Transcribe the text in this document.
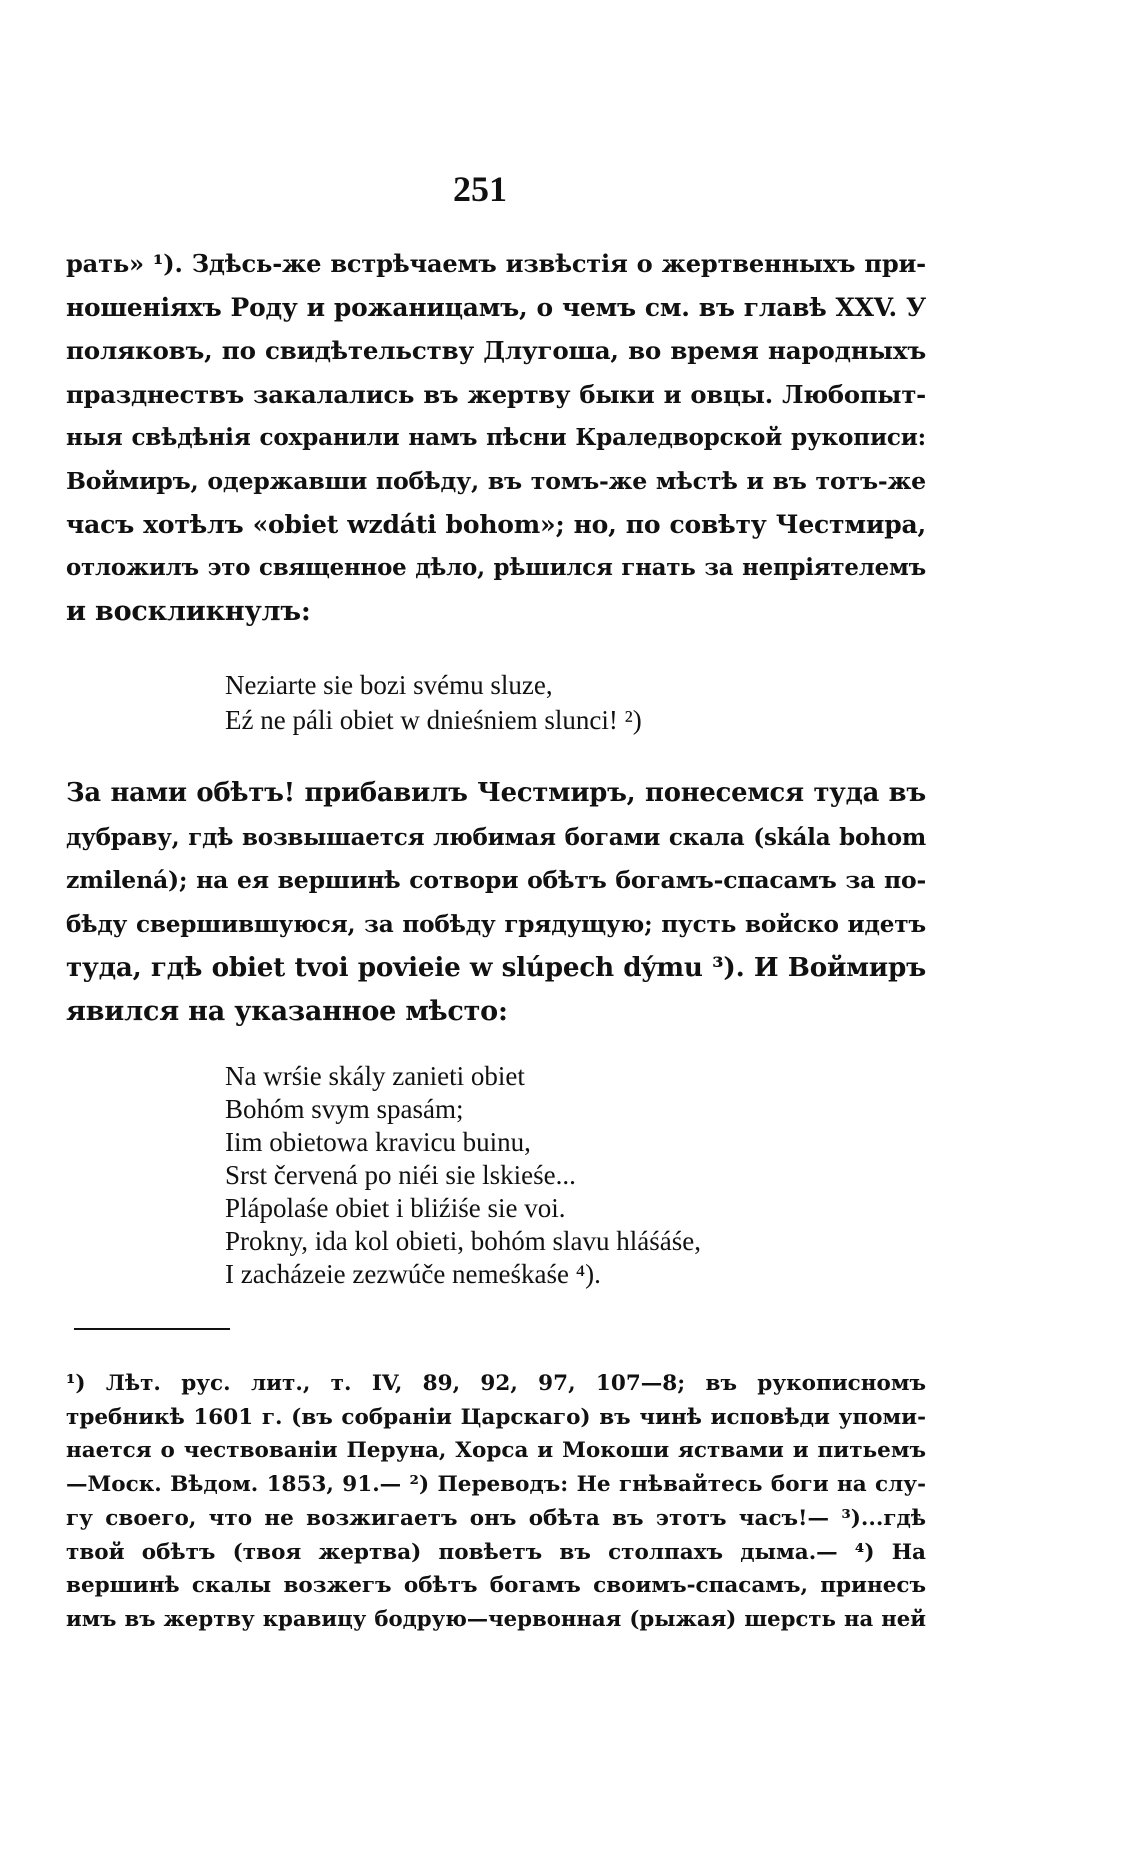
251
рать» ¹). Здѣсь-же встрѣчаемъ извѣстія о жертвенныхъ при-
ношеніяхъ Роду и рожаницамъ, о чемъ см. въ главѣ XXV. У
поляковъ, по свидѣтельству Длугоша, во время народныхъ
празднествъ закалались въ жертву быки и овцы. Любопыт-
ныя свѣдѣнія сохранили намъ пѣсни Краледворской рукописи:
Воймиръ, одержавши побѣду, въ томъ-же мѣстѣ и въ тотъ-же
часъ хотѣлъ «obiet wzdáti bohom»; но, по совѣту Честмира,
отложилъ это священное дѣло, рѣшился гнать за непріятелемъ
и воскликнулъ:
Neziarte sie bozi svému sluze,
Eź ne páli obiet w dnieśniem slunci! ²)
За нами обѣтъ! прибавилъ Честмиръ, понесемся туда въ
дубраву, гдѣ возвышается любимая богами скала (skála bohom
zmilená); на ея вершинѣ сотвори обѣтъ богамъ-спасамъ за по-
бѣду свершившуюся, за побѣду грядущую; пусть войско идетъ
туда, гдѣ obiet tvoi povieie w slúpech dýmu ³). И Воймиръ
явился на указанное мѣсто:
Na wrśie skály zanieti obiet
Bohóm svym spasám;
Iim obietowa kravicu buinu,
Srst červená po niéi sie lskieśe...
Plápolaśe obiet i bliźiśe sie voi.
Prokny, ida kol obieti, bohóm slavu hláśáśe,
I zacházeie zezwúče nemeśkaśe ⁴).
¹) Лѣт. рус. лит., т. IV, 89, 92, 97, 107—8; въ рукописномъ
требникѣ 1601 г. (въ собраніи Царскаго) въ чинѣ исповѣди упоми-
нается о чествованіи Перуна, Хорса и Мокоши яствами и питьемъ
—Моск. Вѣдом. 1853, 91.— ²) Переводъ: Не гнѣвайтесь боги на слу-
гу своего, что не возжигаетъ онъ обѣта въ этотъ часъ!— ³)...гдѣ
твой обѣтъ (твоя жертва) повѣетъ въ столпахъ дыма.— ⁴) На
вершинѣ скалы возжегъ обѣтъ богамъ своимъ-спасамъ, принесъ
имъ въ жертву кравицу бодрую—червонная (рыжая) шерсть на ней
